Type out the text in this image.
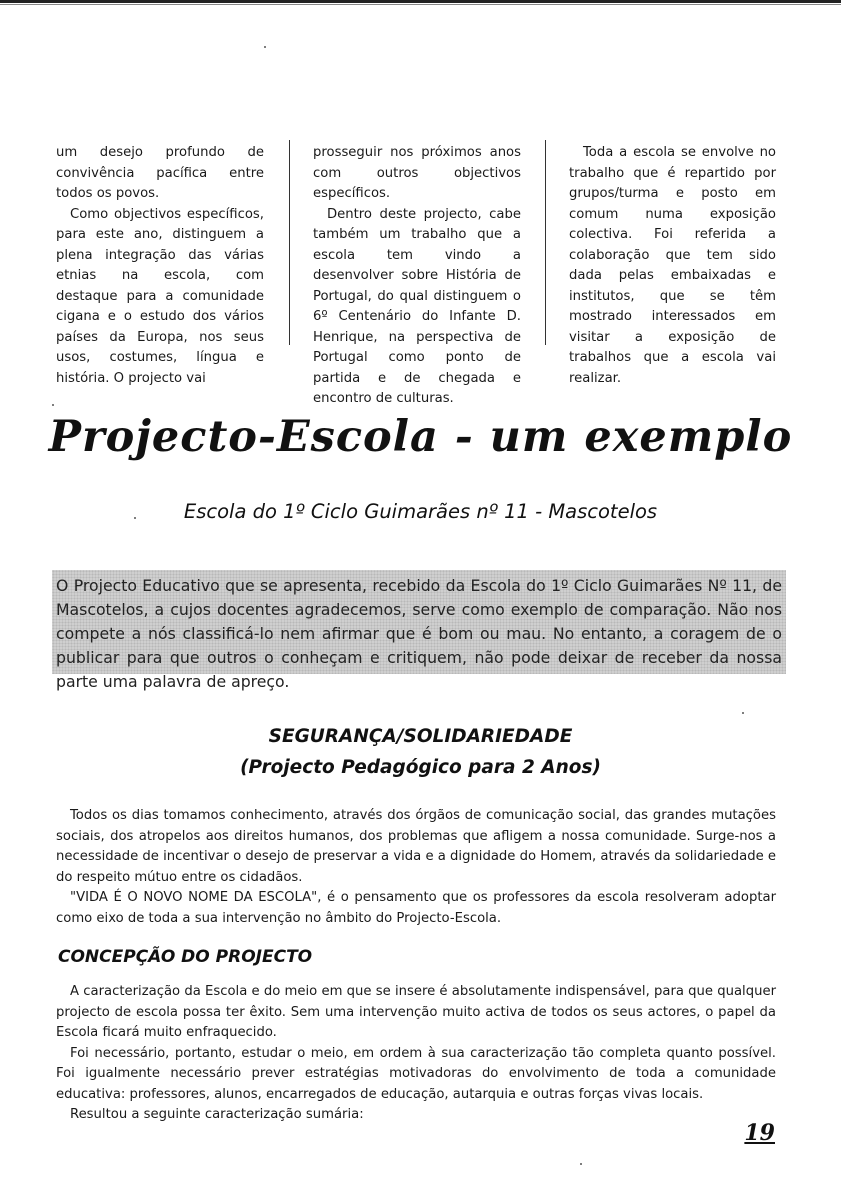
um desejo profundo de convivência pacífica entre todos os povos.

Como objectivos específicos, para este ano, distinguem a plena integração das várias etnias na escola, com destaque para a comunidade cigana e o estudo dos vários países da Europa, nos seus usos, costumes, língua e história. O projecto vai

prosseguir nos próximos anos com outros objectivos específicos.

Dentro deste projecto, cabe também um trabalho que a escola tem vindo a desenvolver sobre História de Portugal, do qual distinguem o 6º Centenário do Infante D. Henrique, na perspectiva de Portugal como ponto de partida e de chegada e encontro de culturas.

Toda a escola se envolve no trabalho que é repartido por grupos/turma e posto em comum numa exposição colectiva. Foi referida a colaboração que tem sido dada pelas embaixadas e institutos, que se têm mostrado interessados em visitar a exposição de trabalhos que a escola vai realizar.

Projecto-Escola - um exemplo
Escola do 1º Ciclo Guimarães nº 11 - Mascotelos

O Projecto Educativo que se apresenta, recebido da Escola do 1º Ciclo Guimarães Nº 11, de Mascotelos, a cujos docentes agradecemos, serve como exemplo de comparação. Não nos compete a nós classificá-lo nem afirmar que é bom ou mau. No entanto, a coragem de o publicar para que outros o conheçam e critiquem, não pode deixar de receber da nossa parte uma palavra de apreço.

SEGURANÇA/SOLIDARIEDADE
(Projecto Pedagógico para 2 Anos)

Todos os dias tomamos conhecimento, através dos órgãos de comunicação social, das grandes mutações sociais, dos atropelos aos direitos humanos, dos problemas que afligem a nossa comunidade. Surge-nos a necessidade de incentivar o desejo de preservar a vida e a dignidade do Homem, através da solidariedade e do respeito mútuo entre os cidadãos.

"VIDA É O NOVO NOME DA ESCOLA", é o pensamento que os professores da escola resolveram adoptar como eixo de toda a sua intervenção no âmbito do Projecto-Escola.

CONCEPÇÃO DO PROJECTO

A caracterização da Escola e do meio em que se insere é absolutamente indispensável, para que qualquer projecto de escola possa ter êxito. Sem uma intervenção muito activa de todos os seus actores, o papel da Escola ficará muito enfraquecido.

Foi necessário, portanto, estudar o meio, em ordem à sua caracterização tão completa quanto possível. Foi igualmente necessário prever estratégias motivadoras do envolvimento de toda a comunidade educativa: professores, alunos, encarregados de educação, autarquia e outras forças vivas locais.

Resultou a seguinte caracterização sumária:

19
